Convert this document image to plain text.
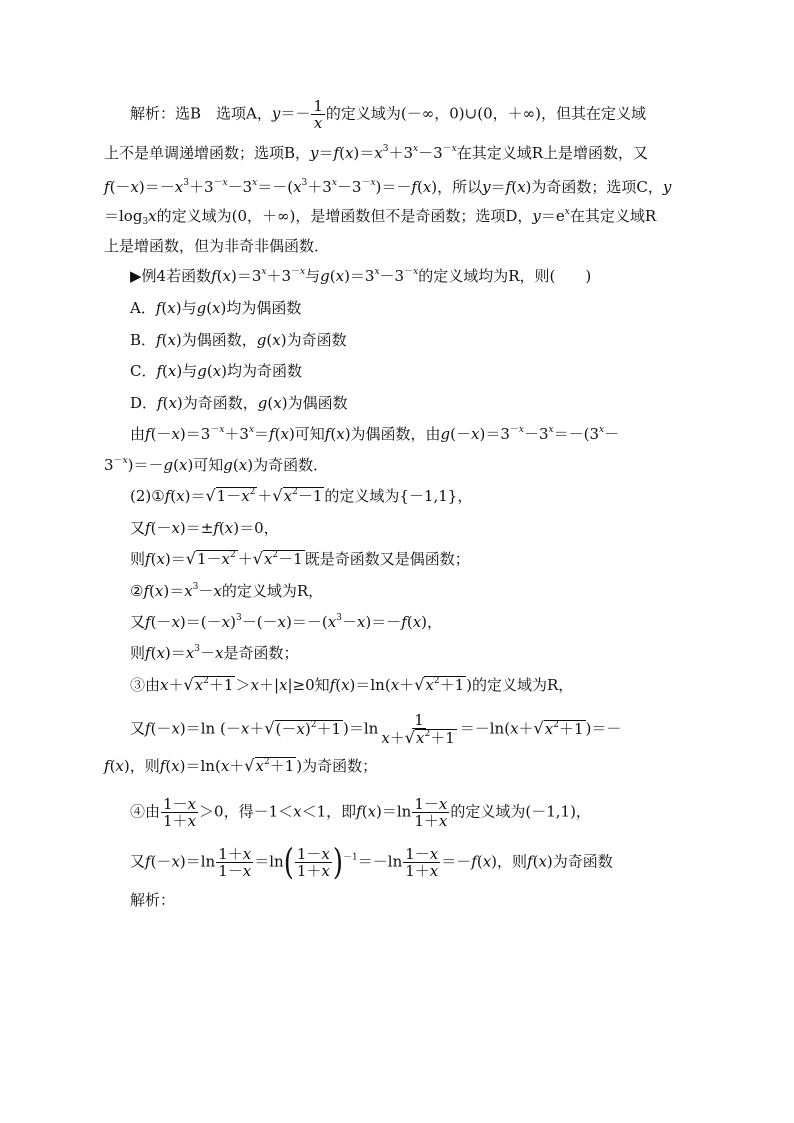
解析：选B　选项A，$y=- \frac{1}{x}$ 的定义域为(－∞，0)∪(0，＋∞)，但其在定义域
上不是单调递增函数；选项B，$y=f(x)=x^3+3^x-3^{-x}$在其定义域R上是增函数，又
$f(-x)=-x^3+3^{-x}-3^x=-(x^3+3^x-3^{-x})=-f(x)$，所以y＝f(x)为奇函数；选项C，y
$=\log_3x$的定义域为(0，＋∞)，是增函数但不是奇函数；选项D，$y=e^x$在其定义域R
上是增函数，但为非奇非偶函数．
▶例4若函数$f(x)=3^x+3^{-x}$与$g(x)=3^x-3^{-x}$的定义域均为R，则(　　)
A．f(x)与g(x)均为偶函数
B．f(x)为偶函数，g(x)为奇函数
C．f(x)与g(x)均为奇函数
D．f(x)为奇函数，g(x)为偶函数
由$f(-x)=3^{-x}+3^x=f(x)$可知f(x)为偶函数，由$g(-x)=3^{-x}-3^x=-(3^x-$
$3^{-x})=-g(x)$可知g(x)为奇函数．
$(2)①f(x)=√1-x^2 +√x^2-1$ 的定义域为{－1,1}，
又f(－x)＝±f(x)＝0，
则$f(x)=√1-x^2 +√x^2-1$ 既是奇函数又是偶函数；
$②f(x)=x^3-x$的定义域为R，
又$f(-x)=(-x)^3-(-x)=-(x^3-x)=-f(x)$，
则$f(x)=x^3-x$是奇函数；
③由$x+√x^2+1 >x+|x|\ge 0$知$f(x)=\ln(x+√x^2+1$ )的定义域为R，
又f(－x)＝ln ($-x+√(-x)^2+1$ )$=\ln \frac{1}{x+√x^2+1} =-\ln(x+√x^2+1$ )＝－
f(x)，则$f(x)=\ln(x+√x^2+1$ )为奇函数；
④由 $\frac{1-x}{1+x} >0$，得－1＜x＜1，即$f(x)=\ln \frac{1-x}{1+x}$ 的定义域为(－1,1)，
又$f(-x)=\ln \frac{1+x}{1-x} =\ln( \frac{1-x}{1+x} )^{-1}=-\ln \frac{1-x}{1+x} =-f(x)$，则f(x)为奇函数
解析：
